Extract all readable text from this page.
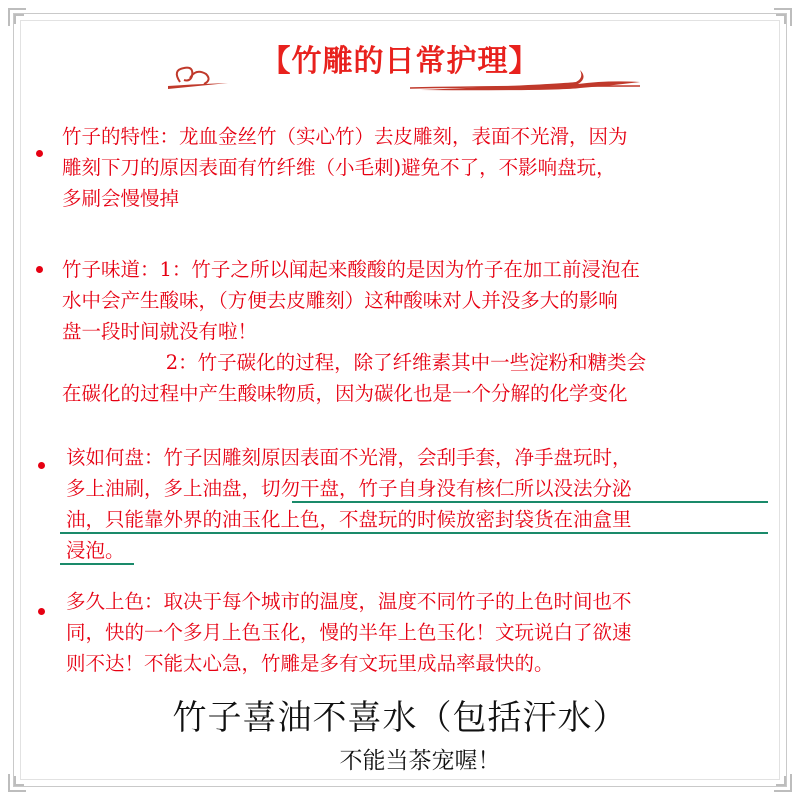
【竹雕的日常护理】
竹子的特性：龙血金丝竹（实心竹）去皮雕刻，表面不光滑，因为
雕刻下刀的原因表面有竹纤维（小毛刺)避免不了，不影响盘玩，
多刷会慢慢掉
竹子味道：1：竹子之所以闻起来酸酸的是因为竹子在加工前浸泡在
水中会产生酸味，（方便去皮雕刻）这种酸味对人并没多大的影响
盘一段时间就没有啦！
　　　　　 2：竹子碳化的过程，除了纤维素其中一些淀粉和糖类会
在碳化的过程中产生酸味物质，因为碳化也是一个分解的化学变化
该如何盘：竹子因雕刻原因表面不光滑，会刮手套，净手盘玩时，
多上油刷，多上油盘，切勿干盘，竹子自身没有核仁所以没法分泌
油，只能靠外界的油玉化上色，不盘玩的时候放密封袋货在油盒里
浸泡。
多久上色：取决于每个城市的温度，温度不同竹子的上色时间也不
同，快的一个多月上色玉化，慢的半年上色玉化！文玩说白了欲速
则不达！不能太心急，竹雕是多有文玩里成品率最快的。
竹子喜油不喜水（包括汗水）
不能当茶宠喔！
